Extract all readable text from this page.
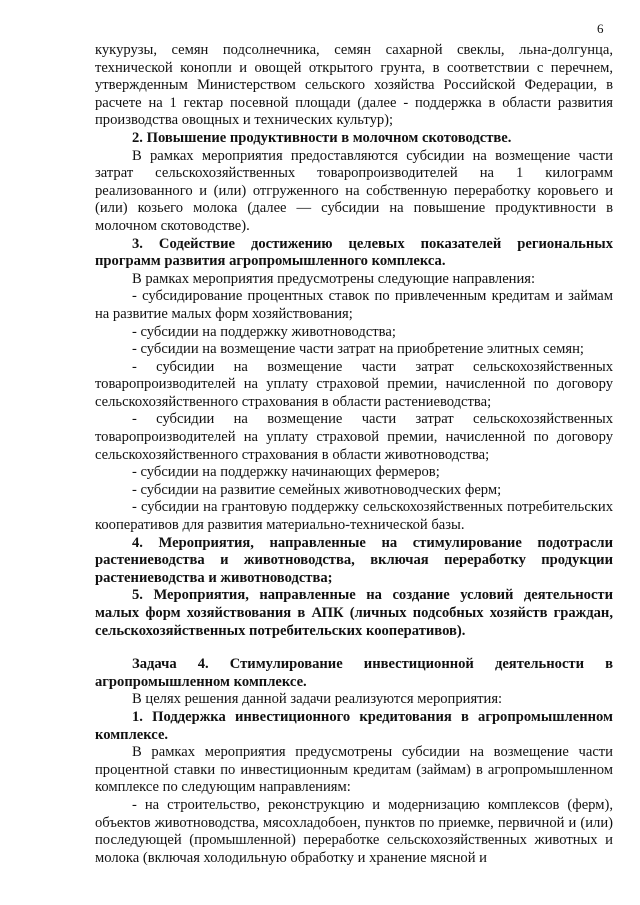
6

кукурузы, семян подсолнечника, семян сахарной свеклы, льна-долгунца, технической конопли и овощей открытого грунта, в соответствии с перечнем, утвержденным Министерством сельского хозяйства Российской Федерации, в расчете на 1 гектар посевной площади (далее - поддержка в области развития производства овощных и технических культур);

2. Повышение продуктивности в молочном скотоводстве.

В рамках мероприятия предоставляются субсидии на возмещение части затрат сельскохозяйственных товаропроизводителей на 1 килограмм реализованного и (или) отгруженного на собственную переработку коровьего и (или) козьего молока (далее — субсидии на повышение продуктивности в молочном скотоводстве).

3. Содействие достижению целевых показателей региональных программ развития агропромышленного комплекса.

В рамках мероприятия предусмотрены следующие направления:

- субсидирование процентных ставок по привлеченным кредитам и займам на развитие малых форм хозяйствования;

- субсидии на поддержку животноводства;

- субсидии на возмещение части затрат на приобретение элитных семян;

- субсидии на возмещение части затрат сельскохозяйственных товаропроизводителей на уплату страховой премии, начисленной по договору сельскохозяйственного страхования в области растениеводства;

- субсидии на возмещение части затрат сельскохозяйственных товаропроизводителей на уплату страховой премии, начисленной по договору сельскохозяйственного страхования в области животноводства;

- субсидии на поддержку начинающих фермеров;

- субсидии на развитие семейных животноводческих ферм;

- субсидии на грантовую поддержку сельскохозяйственных потребительских кооперативов для развития материально-технической базы.

4. Мероприятия, направленные на стимулирование подотрасли растениеводства и животноводства, включая переработку продукции растениеводства и животноводства;

5. Мероприятия, направленные на создание условий деятельности малых форм хозяйствования в АПК (личных подсобных хозяйств граждан, сельскохозяйственных потребительских кооперативов).

Задача 4. Стимулирование инвестиционной деятельности в агропромышленном комплексе.

В целях решения данной задачи реализуются мероприятия:

1. Поддержка инвестиционного кредитования в агропромышленном комплексе.

В рамках мероприятия предусмотрены субсидии на возмещение части процентной ставки по инвестиционным кредитам (займам) в агропромышленном комплексе по следующим направлениям:

- на строительство, реконструкцию и модернизацию комплексов (ферм), объектов животноводства, мясохладобоен, пунктов по приемке, первичной и (или) последующей (промышленной) переработке сельскохозяйственных животных и молока (включая холодильную обработку и хранение мясной и
